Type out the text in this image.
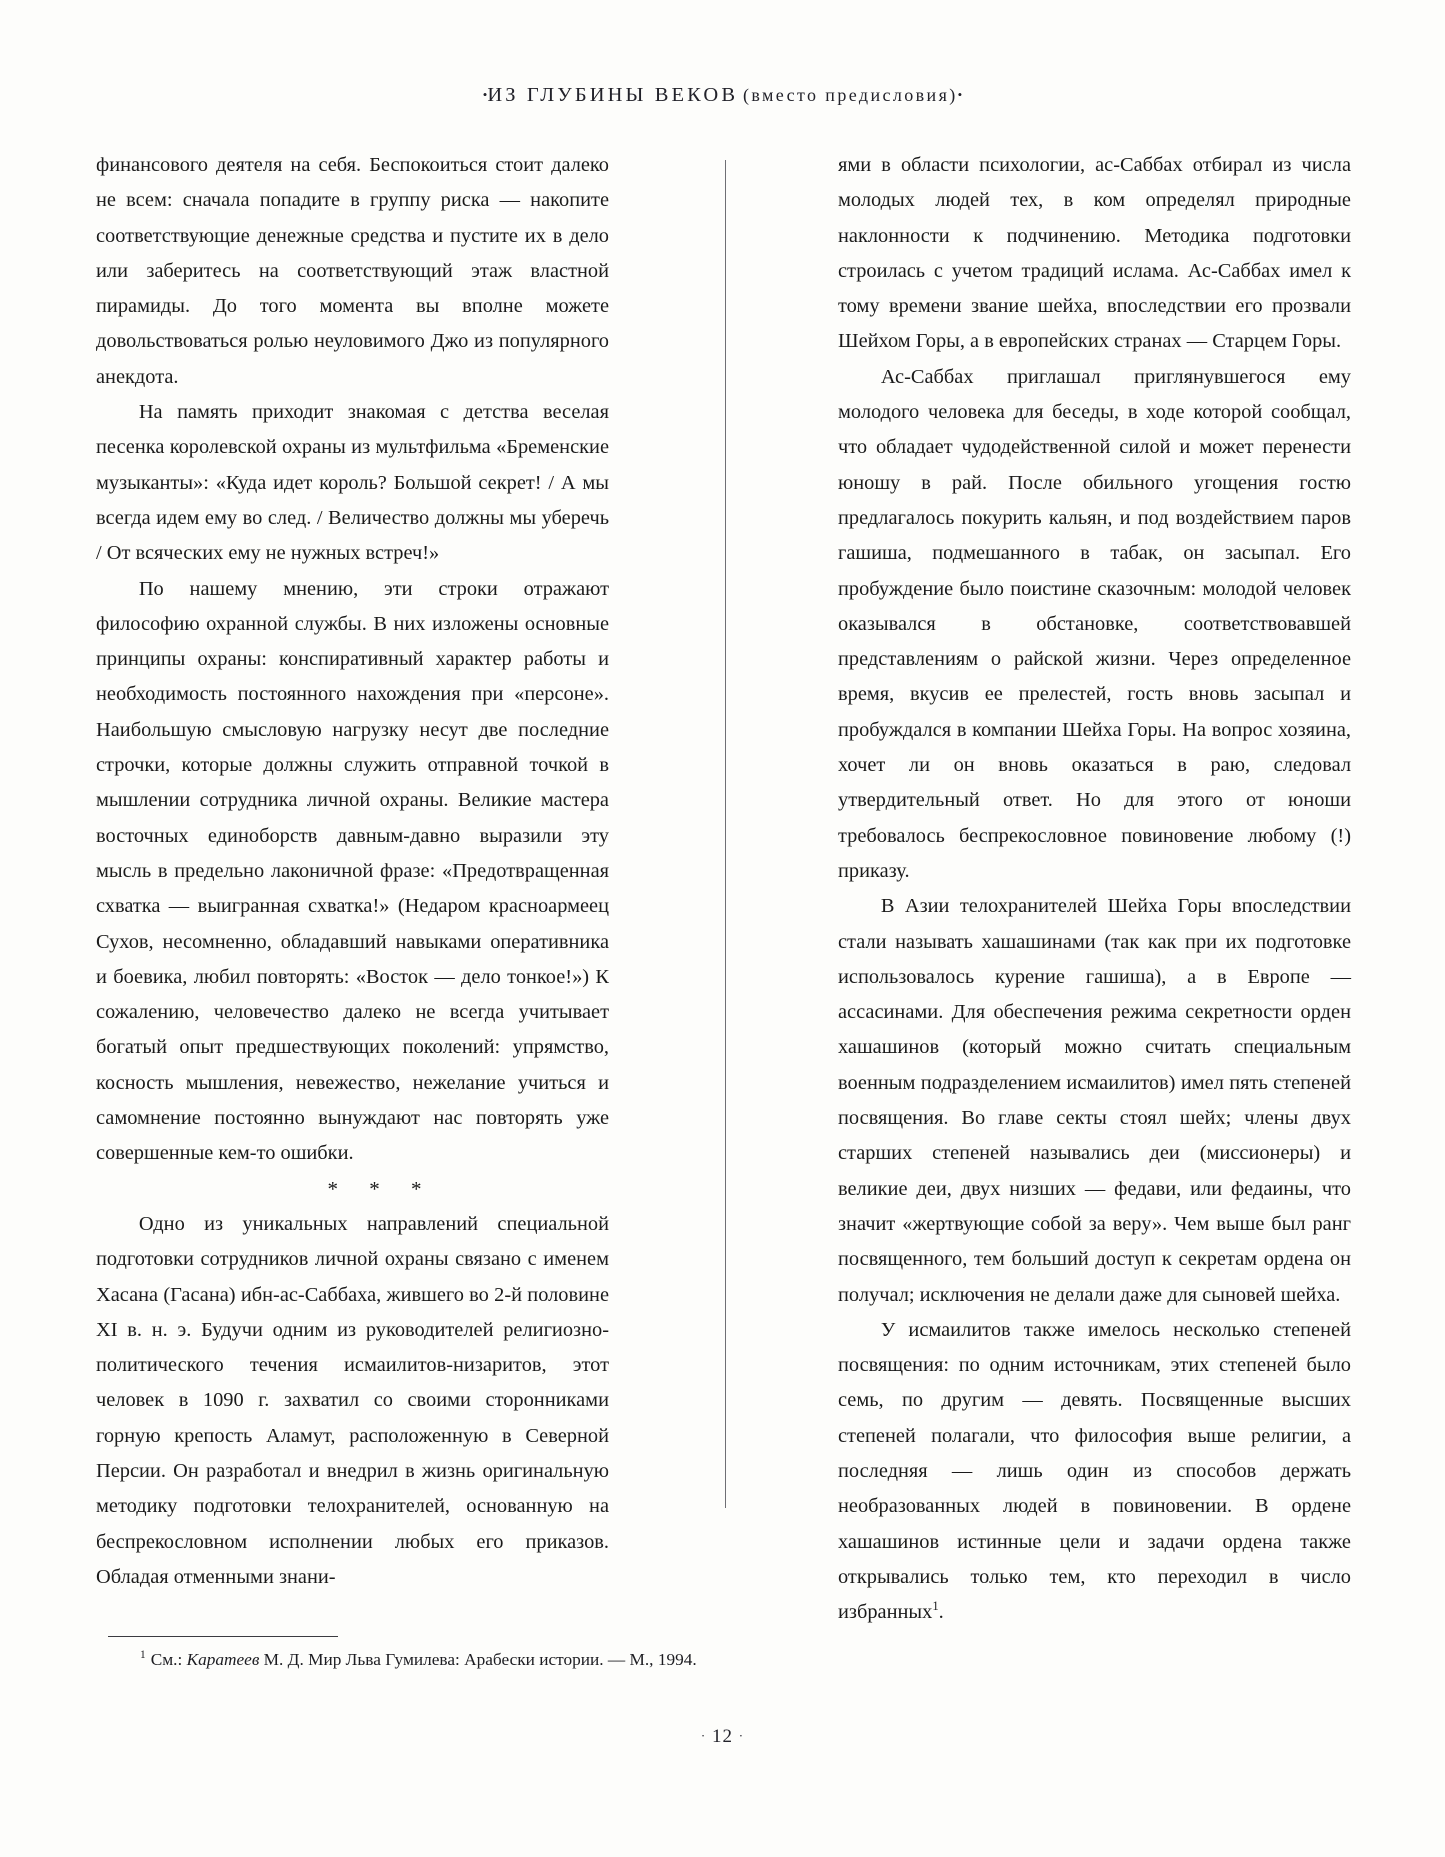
•ИЗ ГЛУБИНЫ ВЕКОВ (вместо предисловия)•

финансового деятеля на себя. Беспокоиться стоит далеко не всем: сначала попадите в группу риска — накопите соответствующие денежные средства и пустите их в дело или заберитесь на соответствующий этаж властной пирамиды. До того момента вы вполне можете довольствоваться ролью неуловимого Джо из популярного анекдота.

На память приходит знакомая с детства веселая песенка королевской охраны из мультфильма «Бременские музыканты»: «Куда идет король? Большой секрет! / А мы всегда идем ему во след. / Величество должны мы уберечь / От всяческих ему не нужных встреч!»

По нашему мнению, эти строки отражают философию охранной службы. В них изложены основные принципы охраны: конспиративный характер работы и необходимость постоянного нахождения при «персоне». Наибольшую смысловую нагрузку несут две последние строчки, которые должны служить отправной точкой в мышлении сотрудника личной охраны. Великие мастера восточных единоборств давным-давно выразили эту мысль в предельно лаконичной фразе: «Предотвращенная схватка — выигранная схватка!» (Недаром красноармеец Сухов, несомненно, обладавший навыками оперативника и боевика, любил повторять: «Восток — дело тонкое!») К сожалению, человечество далеко не всегда учитывает богатый опыт предшествующих поколений: упрямство, косность мышления, невежество, нежелание учиться и самомнение постоянно вынуждают нас повторять уже совершенные кем-то ошибки.

* * *

Одно из уникальных направлений специальной подготовки сотрудников личной охраны связано с именем Хасана (Гасана) ибн-ас-Саббаха, жившего во 2-й половине XI в. н. э. Будучи одним из руководителей религиозно-политического течения исмаилитов-низаритов, этот человек в 1090 г. захватил со своими сторонниками горную крепость Аламут, расположенную в Северной Персии. Он разработал и внедрил в жизнь оригинальную методику подготовки телохранителей, основанную на беспрекословном исполнении любых его приказов. Обладая отменными знани-

ями в области психологии, ас-Саббах отбирал из числа молодых людей тех, в ком определял природные наклонности к подчинению. Методика подготовки строилась с учетом традиций ислама. Ас-Саббах имел к тому времени звание шейха, впоследствии его прозвали Шейхом Горы, а в европейских странах — Старцем Горы.

Ас-Саббах приглашал приглянувшегося ему молодого человека для беседы, в ходе которой сообщал, что обладает чудодейственной силой и может перенести юношу в рай. После обильного угощения гостю предлагалось покурить кальян, и под воздействием паров гашиша, подмешанного в табак, он засыпал. Его пробуждение было поистине сказочным: молодой человек оказывался в обстановке, соответствовавшей представлениям о райской жизни. Через определенное время, вкусив ее прелестей, гость вновь засыпал и пробуждался в компании Шейха Горы. На вопрос хозяина, хочет ли он вновь оказаться в раю, следовал утвердительный ответ. Но для этого от юноши требовалось беспрекословное повиновение любому (!) приказу.

В Азии телохранителей Шейха Горы впоследствии стали называть хашашинами (так как при их подготовке использовалось курение гашиша), а в Европе — ассасинами. Для обеспечения режима секретности орден хашашинов (который можно считать специальным военным подразделением исмаилитов) имел пять степеней посвящения. Во главе секты стоял шейх; члены двух старших степеней назывались деи (миссионеры) и великие деи, двух низших — федави, или федаины, что значит «жертвующие собой за веру». Чем выше был ранг посвященного, тем больший доступ к секретам ордена он получал; исключения не делали даже для сыновей шейха.

У исмаилитов также имелось несколько степеней посвящения: по одним источникам, этих степеней было семь, по другим — девять. Посвященные высших степеней полагали, что философия выше религии, а последняя — лишь один из способов держать необразованных людей в повиновении. В ордене хашашинов истинные цели и задачи ордена также открывались только тем, кто переходил в число избранных$^1$.

$^1$ См.: Каратеев М. Д. Мир Льва Гумилева: Арабески истории. — М., 1994.
· 12 ·
